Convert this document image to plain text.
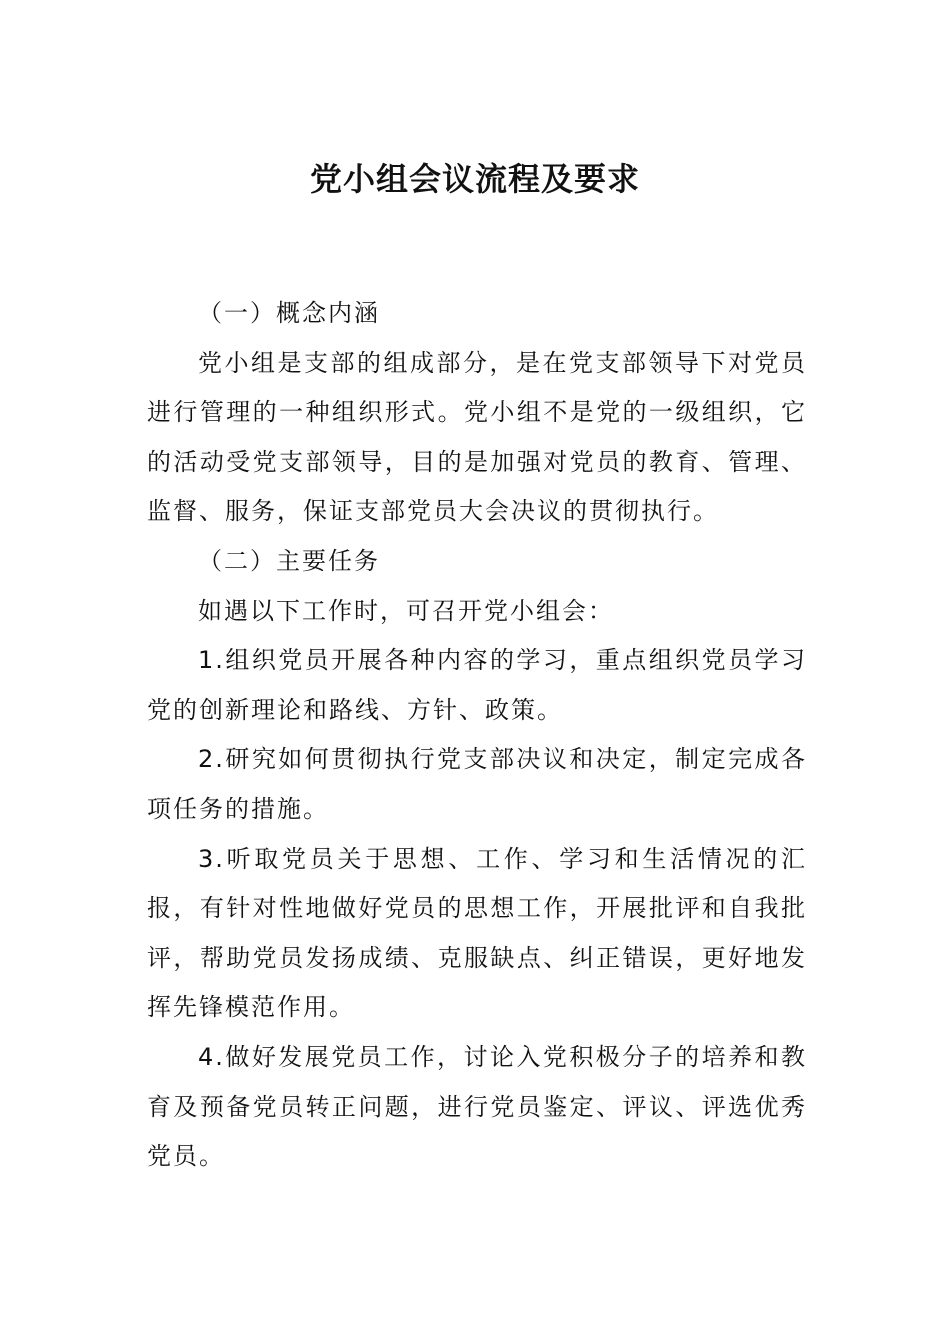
党小组会议流程及要求

（一）概念内涵

党小组是支部的组成部分，是在党支部领导下对党员进行管理的一种组织形式。党小组不是党的一级组织，它的活动受党支部领导，目的是加强对党员的教育、管理、监督、服务，保证支部党员大会决议的贯彻执行。

（二）主要任务

如遇以下工作时，可召开党小组会：

1.组织党员开展各种内容的学习，重点组织党员学习党的创新理论和路线、方针、政策。

2.研究如何贯彻执行党支部决议和决定，制定完成各项任务的措施。

3.听取党员关于思想、工作、学习和生活情况的汇报，有针对性地做好党员的思想工作，开展批评和自我批评，帮助党员发扬成绩、克服缺点、纠正错误，更好地发挥先锋模范作用。

4.做好发展党员工作，讨论入党积极分子的培养和教育及预备党员转正问题，进行党员鉴定、评议、评选优秀党员。
